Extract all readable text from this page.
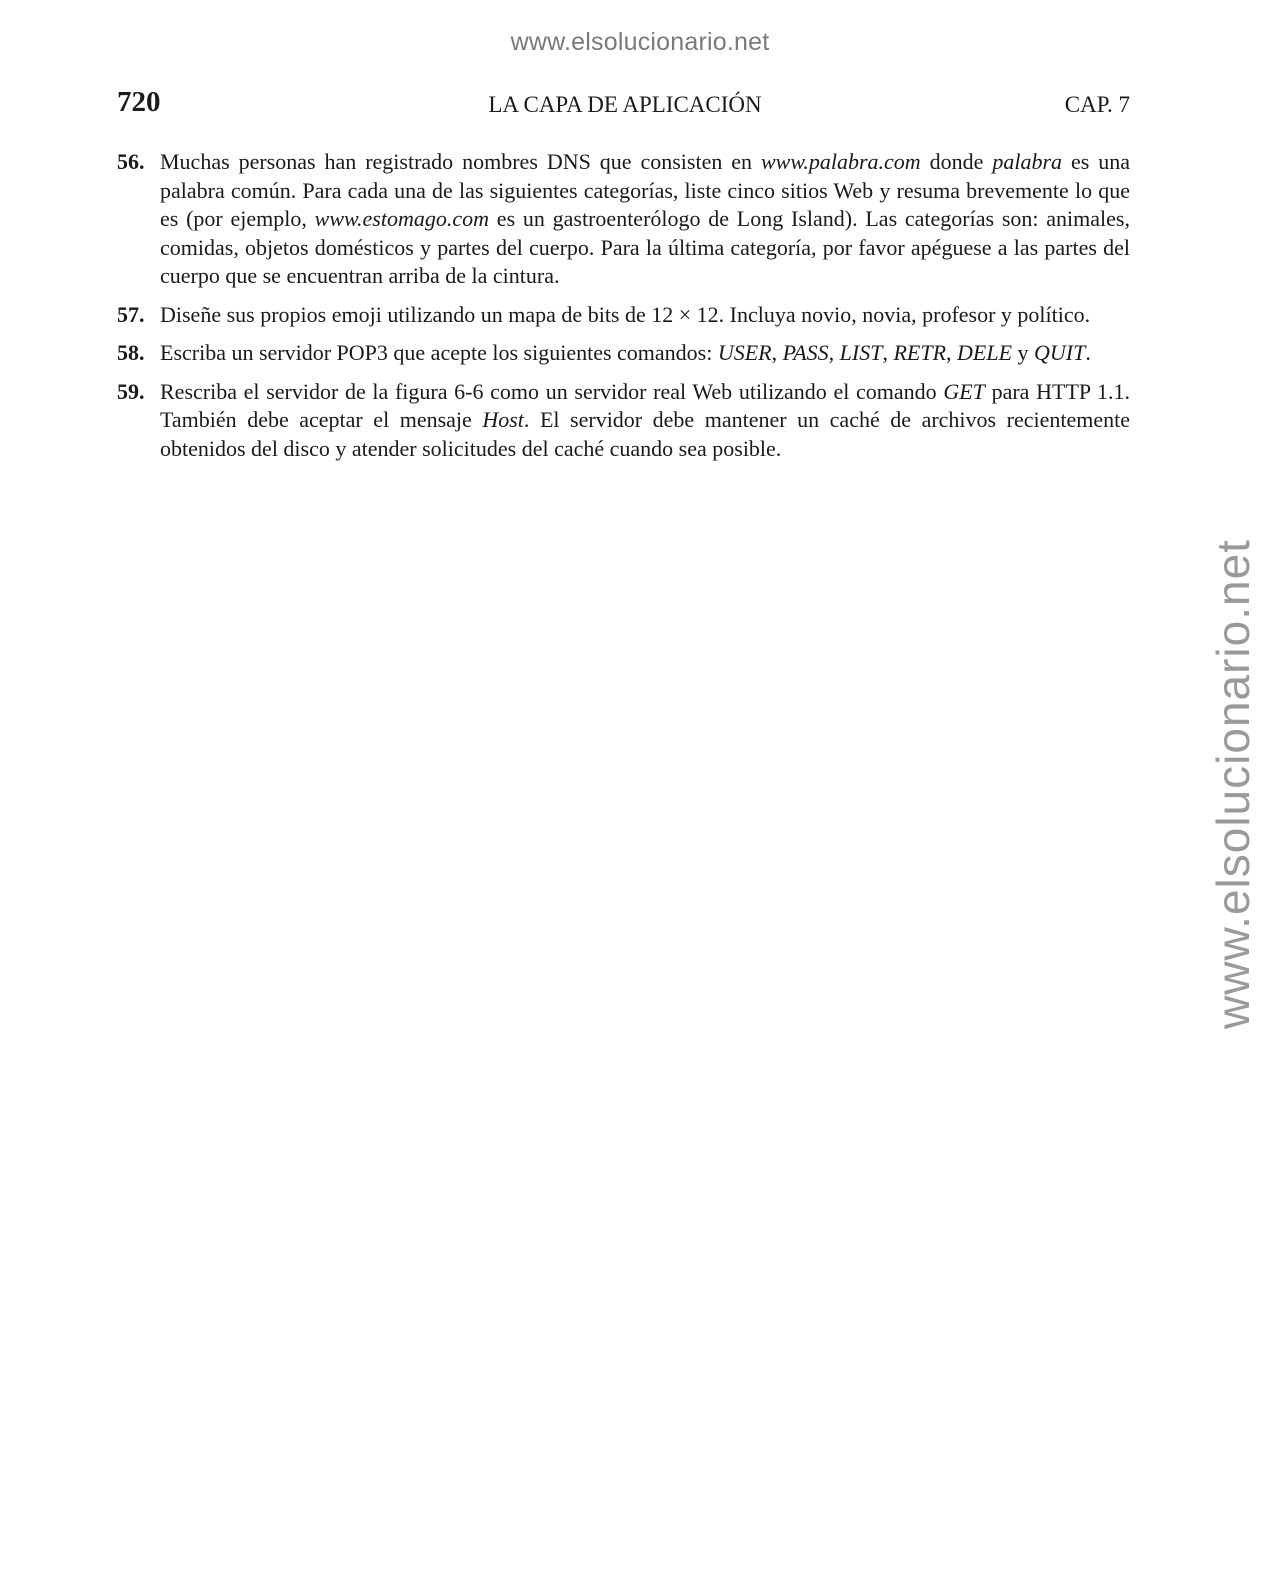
www.elsolucionario.net
www.elsolucionario.net
720	LA CAPA DE APLICACIÓN	CAP. 7
56. Muchas personas han registrado nombres DNS que consisten en www.palabra.com donde palabra es una palabra común. Para cada una de las siguientes categorías, liste cinco sitios Web y resuma brevemente lo que es (por ejemplo, www.estomago.com es un gastroenterólogo de Long Island). Las categorías son: animales, comidas, objetos domésticos y partes del cuerpo. Para la última categoría, por favor apéguese a las partes del cuerpo que se encuentran arriba de la cintura.
57. Diseñe sus propios emoji utilizando un mapa de bits de 12 × 12. Incluya novio, novia, profesor y político.
58. Escriba un servidor POP3 que acepte los siguientes comandos: USER, PASS, LIST, RETR, DELE y QUIT.
59. Rescriba el servidor de la figura 6-6 como un servidor real Web utilizando el comando GET para HTTP 1.1. También debe aceptar el mensaje Host. El servidor debe mantener un caché de archivos recientemente obtenidos del disco y atender solicitudes del caché cuando sea posible.
